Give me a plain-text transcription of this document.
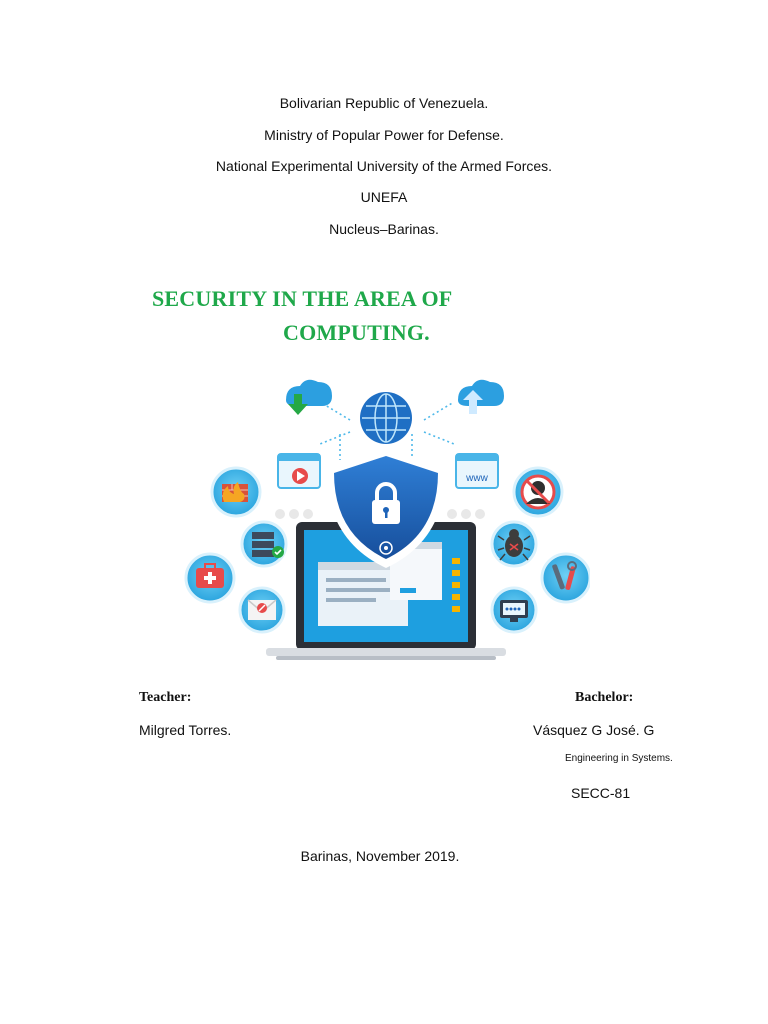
Bolivarian Republic of Venezuela.
Ministry of Popular Power for Defense.
National Experimental University of the Armed Forces.
UNEFA
Nucleus–Barinas.
SECURITY IN THE AREA OF
COMPUTING.
www
Teacher:	Bachelor:
Milgred Torres.	Vásquez G José. G
Engineering in Systems.
SECC-81
Barinas, November 2019.
